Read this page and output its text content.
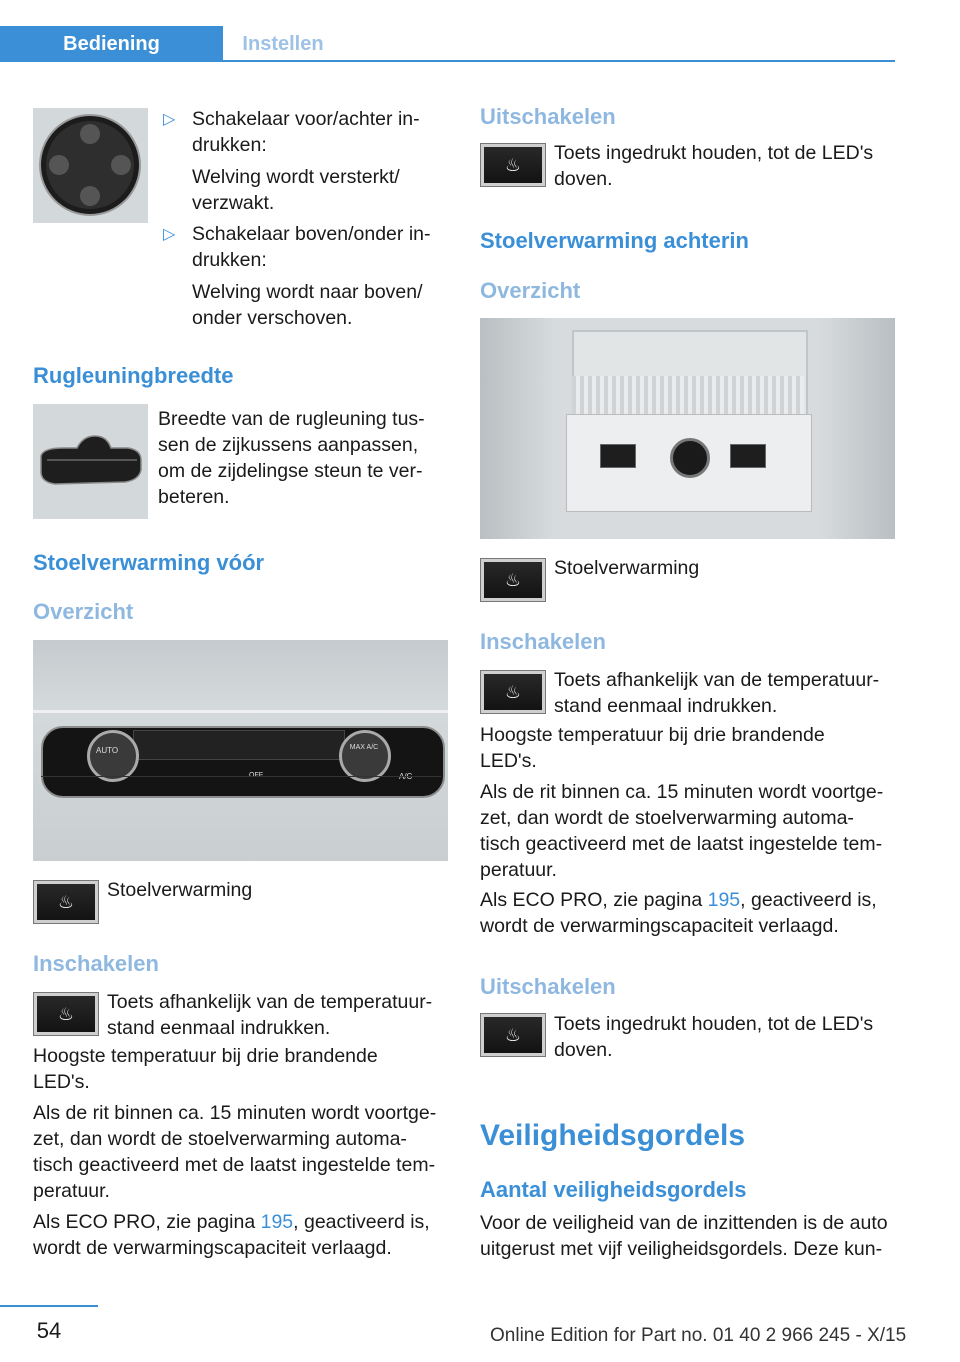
Bediening	Instellen
▷ Schakelaar voor/achter in-
drukken:
Welving wordt versterkt/
verzwakt.
▷ Schakelaar boven/onder in-
drukken:
Welving wordt naar boven/
onder verschoven.
Rugleuningbreedte
Breedte van de rugleuning tus-
sen de zijkussens aanpassen,
om de zijdelingse steun te ver-
beteren.
Stoelverwarming vóór
Overzicht
AUTO	MAX A/C
A/C
OFF
♨
Stoelverwarming
Inschakelen
♨
Toets afhankelijk van de temperatuur-
stand eenmaal indrukken.
Hoogste temperatuur bij drie brandende
LED's.
Als de rit binnen ca. 15 minuten wordt voortge-
zet, dan wordt de stoelverwarming automa-
tisch geactiveerd met de laatst ingestelde tem-
peratuur.
Als ECO PRO, zie pagina 195, geactiveerd is,
wordt de verwarmingscapaciteit verlaagd.
Uitschakelen
♨
Toets ingedrukt houden, tot de LED's
doven.
Stoelverwarming achterin
Overzicht
♨
Stoelverwarming
Inschakelen
♨
Toets afhankelijk van de temperatuur-
stand eenmaal indrukken.
Hoogste temperatuur bij drie brandende
LED's.
Als de rit binnen ca. 15 minuten wordt voortge-
zet, dan wordt de stoelverwarming automa-
tisch geactiveerd met de laatst ingestelde tem-
peratuur.
Als ECO PRO, zie pagina 195, geactiveerd is,
wordt de verwarmingscapaciteit verlaagd.
Uitschakelen
♨ Toets ingedrukt houden, tot de LED's
doven.
Veiligheidsgordels
Aantal veiligheidsgordels
Voor de veiligheid van de inzittenden is de auto
uitgerust met vijf veiligheidsgordels. Deze kun-
54	Online Edition for Part no. 01 40 2 966 245 - X/15
